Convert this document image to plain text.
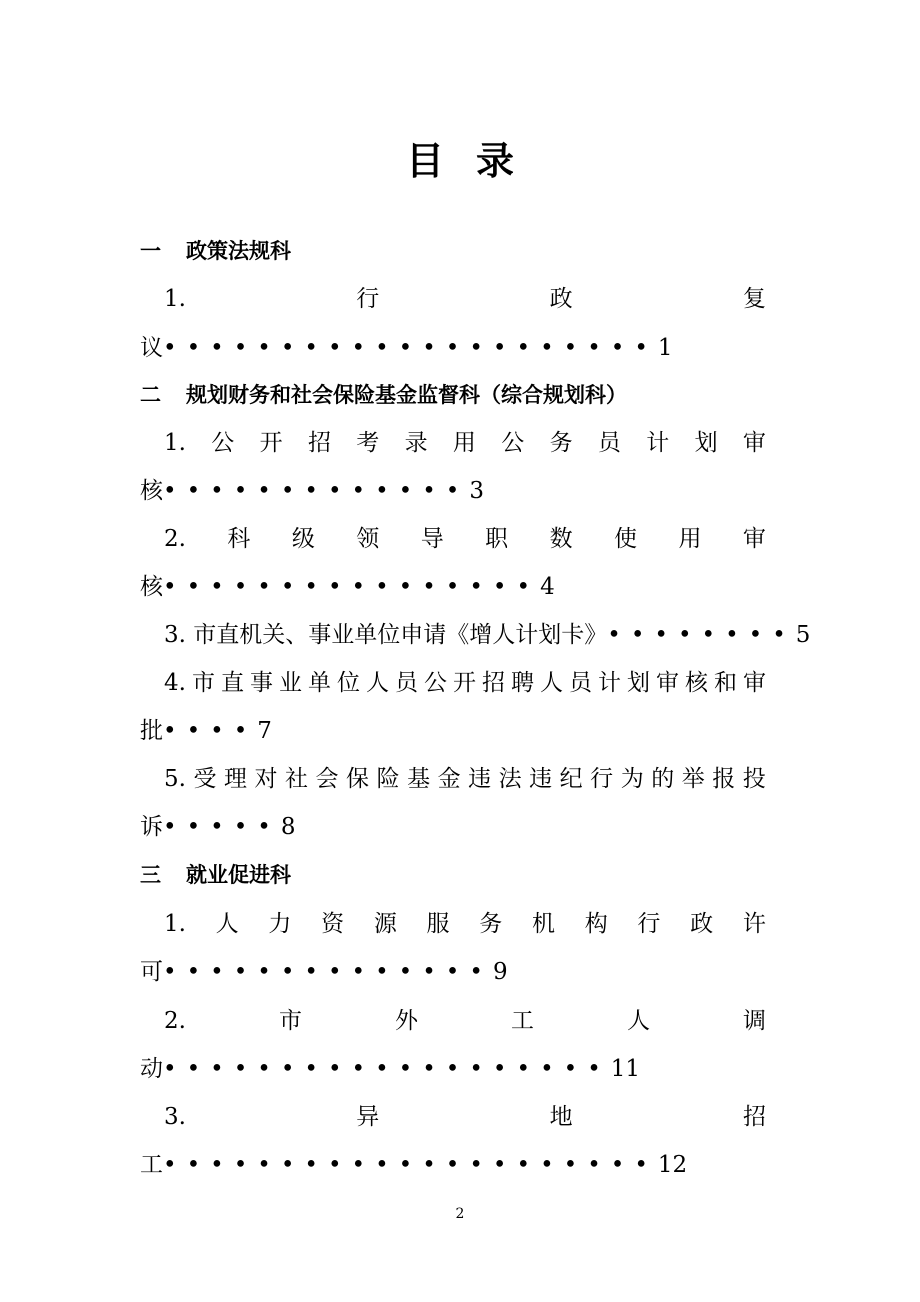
目录
一 政策法规科
1.	行	政	复
议•••••••••••••••••••••1
二 规划财务和社会保险基金监督科（综合规划科）
1. 公 开 招 考 录 用 公 务 员 计 划 审
核•••••••••••••3
2. 科 级 领 导 职 数 使 用 审
核••••••••••••••••4
3. 市直机关、事业单位申请《增人计划卡》••••••••5
4. 市 直 事 业 单 位 人 员 公 开 招 聘 人 员 计 划 审 核 和 审
批••••7
5. 受 理 对 社 会 保 险 基 金 违 法 违 纪 行 为 的 举 报 投
诉•••••8
三 就业促进科
1. 人 力 资 源 服 务 机 构 行 政 许
可••••••••••••••9
2.	市	外	工	人	调
动•••••••••••••••••••11
3.	异	地	招
工•••••••••••••••••••••12
2
